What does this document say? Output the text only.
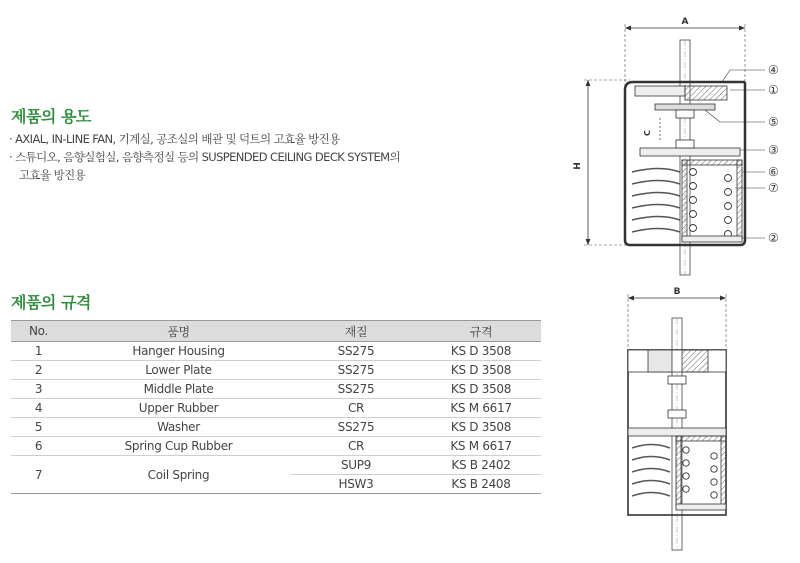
제품의 용도
· AXIAL, IN-LINE FAN, 기계실, 공조실의 배관 및 덕트의 고효율 방진용
· 스튜디오, 음향실험실, 음향측정실 등의 SUSPENDED CEILING DECK SYSTEM의
고효율 방진용
제품의 규격
No.	품명	재질	규격
1	Hanger Housing	SS275	KS D 3508
2	Lower Plate	SS275	KS D 3508
3	Middle Plate	SS275	KS D 3508
4	Upper Rubber	CR	KS M 6617
5	Washer	SS275	KS D 3508
6	Spring Cup Rubber	CR	KS M 6617
7	Coil Spring	SUP9	KS B 2402
		HSW3	KS B 2408
A
H
C
④
①
⑤
③
⑥
⑦
②
B
